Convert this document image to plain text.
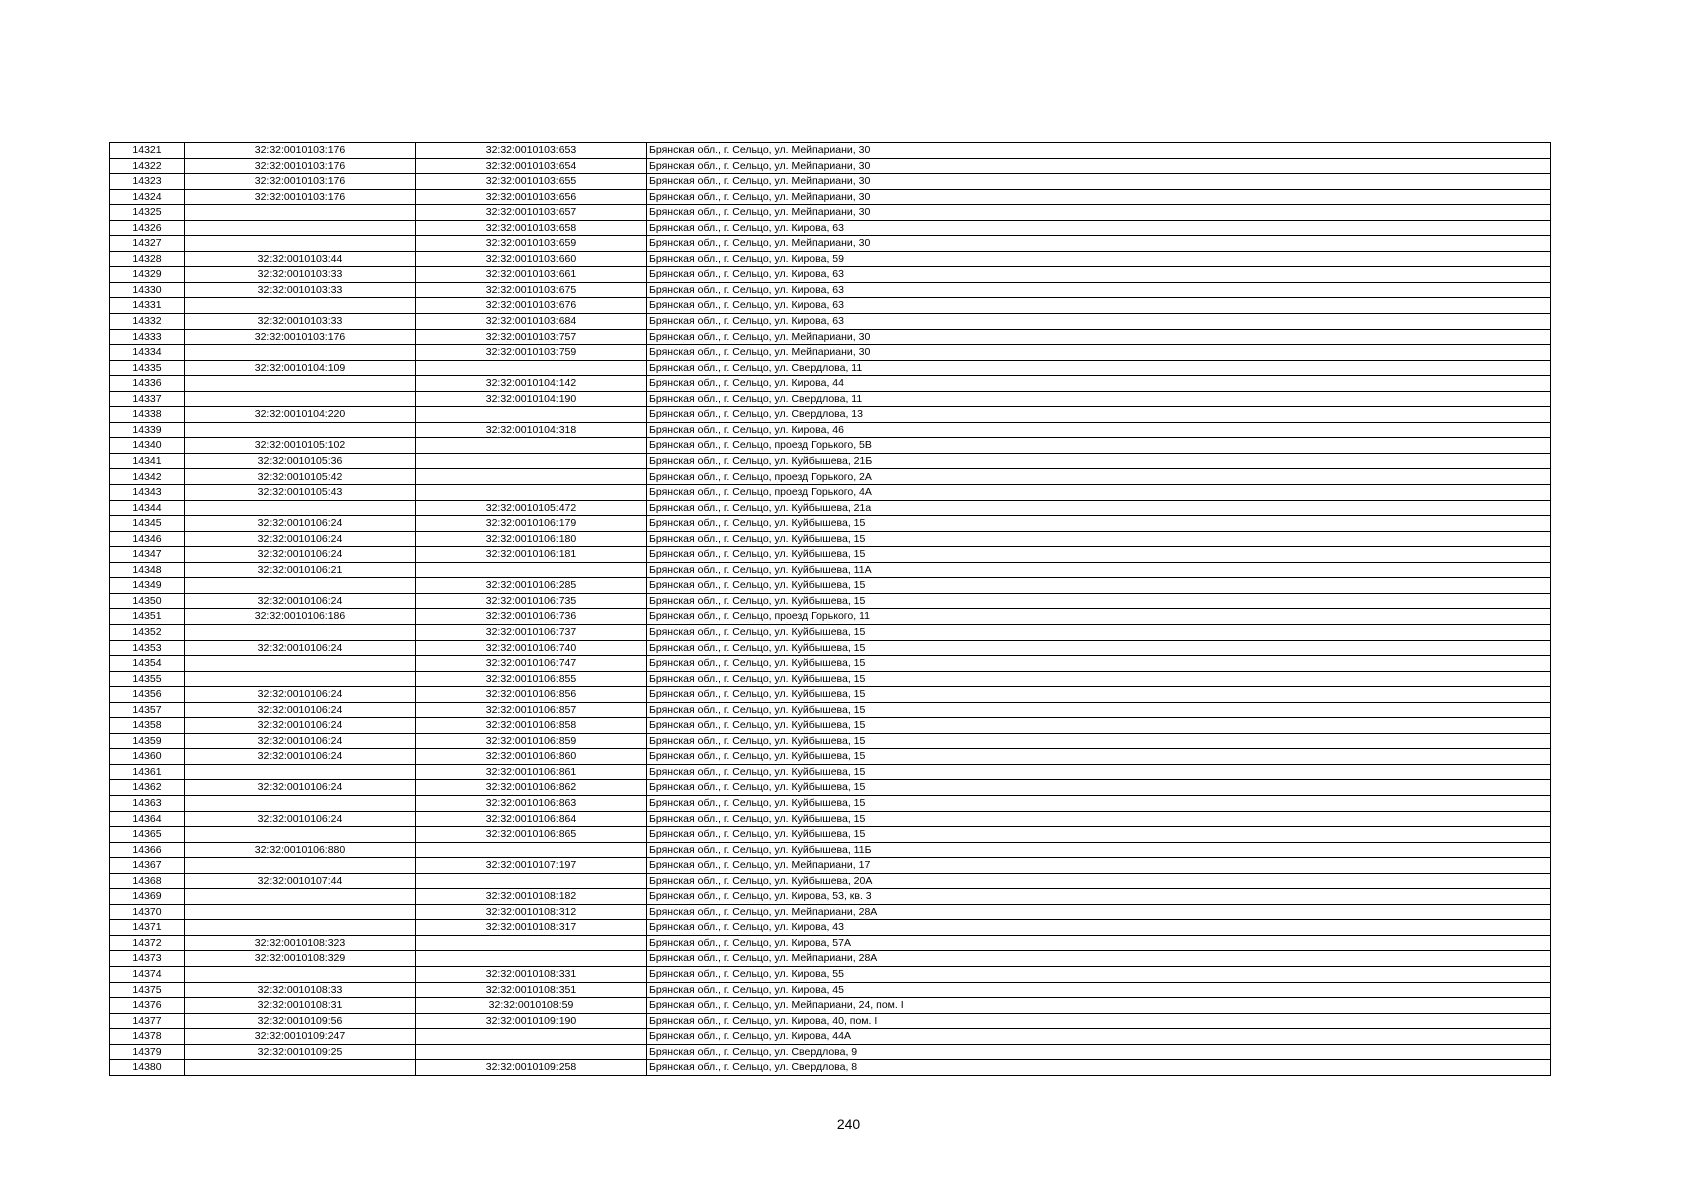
14321	32:32:0010103:176	32:32:0010103:653	Брянская обл., г. Сельцо, ул. Мейпариани, 30
14322	32:32:0010103:176	32:32:0010103:654	Брянская обл., г. Сельцо, ул. Мейпариани, 30
14323	32:32:0010103:176	32:32:0010103:655	Брянская обл., г. Сельцо, ул. Мейпариани, 30
14324	32:32:0010103:176	32:32:0010103:656	Брянская обл., г. Сельцо, ул. Мейпариани, 30
14325		32:32:0010103:657	Брянская обл., г. Сельцо, ул. Мейпариани, 30
14326		32:32:0010103:658	Брянская обл., г. Сельцо, ул. Кирова, 63
14327		32:32:0010103:659	Брянская обл., г. Сельцо, ул. Мейпариани, 30
14328	32:32:0010103:44	32:32:0010103:660	Брянская обл., г. Сельцо, ул. Кирова, 59
14329	32:32:0010103:33	32:32:0010103:661	Брянская обл., г. Сельцо, ул. Кирова, 63
14330	32:32:0010103:33	32:32:0010103:675	Брянская обл., г. Сельцо, ул. Кирова, 63
14331		32:32:0010103:676	Брянская обл., г. Сельцо, ул. Кирова, 63
14332	32:32:0010103:33	32:32:0010103:684	Брянская обл., г. Сельцо, ул. Кирова, 63
14333	32:32:0010103:176	32:32:0010103:757	Брянская обл., г. Сельцо, ул. Мейпариани, 30
14334		32:32:0010103:759	Брянская обл., г. Сельцо, ул. Мейпариани, 30
14335	32:32:0010104:109		Брянская обл., г. Сельцо, ул. Свердлова, 11
14336		32:32:0010104:142	Брянская обл., г. Сельцо, ул. Кирова, 44
14337		32:32:0010104:190	Брянская обл., г. Сельцо, ул. Свердлова, 11
14338	32:32:0010104:220		Брянская обл., г. Сельцо, ул. Свердлова, 13
14339		32:32:0010104:318	Брянская обл., г. Сельцо, ул. Кирова, 46
14340	32:32:0010105:102		Брянская обл., г. Сельцо, проезд Горького, 5В
14341	32:32:0010105:36		Брянская обл., г. Сельцо, ул. Куйбышева, 21Б
14342	32:32:0010105:42		Брянская обл., г. Сельцо, проезд Горького, 2А
14343	32:32:0010105:43		Брянская обл., г. Сельцо, проезд Горького, 4А
14344		32:32:0010105:472	Брянская обл., г. Сельцо, ул. Куйбышева, 21а
14345	32:32:0010106:24	32:32:0010106:179	Брянская обл., г. Сельцо, ул. Куйбышева, 15
14346	32:32:0010106:24	32:32:0010106:180	Брянская обл., г. Сельцо, ул. Куйбышева, 15
14347	32:32:0010106:24	32:32:0010106:181	Брянская обл., г. Сельцо, ул. Куйбышева, 15
14348	32:32:0010106:21		Брянская обл., г. Сельцо, ул. Куйбышева, 11А
14349		32:32:0010106:285	Брянская обл., г. Сельцо, ул. Куйбышева, 15
14350	32:32:0010106:24	32:32:0010106:735	Брянская обл., г. Сельцо, ул. Куйбышева, 15
14351	32:32:0010106:186	32:32:0010106:736	Брянская обл., г. Сельцо, проезд Горького, 11
14352		32:32:0010106:737	Брянская обл., г. Сельцо, ул. Куйбышева, 15
14353	32:32:0010106:24	32:32:0010106:740	Брянская обл., г. Сельцо, ул. Куйбышева, 15
14354		32:32:0010106:747	Брянская обл., г. Сельцо, ул. Куйбышева, 15
14355		32:32:0010106:855	Брянская обл., г. Сельцо, ул. Куйбышева, 15
14356	32:32:0010106:24	32:32:0010106:856	Брянская обл., г. Сельцо, ул. Куйбышева, 15
14357	32:32:0010106:24	32:32:0010106:857	Брянская обл., г. Сельцо, ул. Куйбышева, 15
14358	32:32:0010106:24	32:32:0010106:858	Брянская обл., г. Сельцо, ул. Куйбышева, 15
14359	32:32:0010106:24	32:32:0010106:859	Брянская обл., г. Сельцо, ул. Куйбышева, 15
14360	32:32:0010106:24	32:32:0010106:860	Брянская обл., г. Сельцо, ул. Куйбышева, 15
14361		32:32:0010106:861	Брянская обл., г. Сельцо, ул. Куйбышева, 15
14362	32:32:0010106:24	32:32:0010106:862	Брянская обл., г. Сельцо, ул. Куйбышева, 15
14363		32:32:0010106:863	Брянская обл., г. Сельцо, ул. Куйбышева, 15
14364	32:32:0010106:24	32:32:0010106:864	Брянская обл., г. Сельцо, ул. Куйбышева, 15
14365		32:32:0010106:865	Брянская обл., г. Сельцо, ул. Куйбышева, 15
14366	32:32:0010106:880		Брянская обл., г. Сельцо, ул. Куйбышева, 11Б
14367		32:32:0010107:197	Брянская обл., г. Сельцо, ул. Мейпариани, 17
14368	32:32:0010107:44		Брянская обл., г. Сельцо, ул. Куйбышева, 20А
14369		32:32:0010108:182	Брянская обл., г. Сельцо, ул. Кирова, 53, кв. 3
14370		32:32:0010108:312	Брянская обл., г. Сельцо, ул. Мейпариани, 28А
14371		32:32:0010108:317	Брянская обл., г. Сельцо, ул. Кирова, 43
14372	32:32:0010108:323		Брянская обл., г. Сельцо, ул. Кирова, 57А
14373	32:32:0010108:329		Брянская обл., г. Сельцо, ул. Мейпариани, 28А
14374		32:32:0010108:331	Брянская обл., г. Сельцо, ул. Кирова, 55
14375	32:32:0010108:33	32:32:0010108:351	Брянская обл., г. Сельцо, ул. Кирова, 45
14376	32:32:0010108:31	32:32:0010108:59	Брянская обл., г. Сельцо, ул. Мейпариани, 24, пом. I
14377	32:32:0010109:56	32:32:0010109:190	Брянская обл., г. Сельцо, ул. Кирова, 40, пом. I
14378	32:32:0010109:247		Брянская обл., г. Сельцо, ул. Кирова, 44А
14379	32:32:0010109:25		Брянская обл., г. Сельцо, ул. Свердлова, 9
14380		32:32:0010109:258	Брянская обл., г. Сельцо, ул. Свердлова, 8
240
